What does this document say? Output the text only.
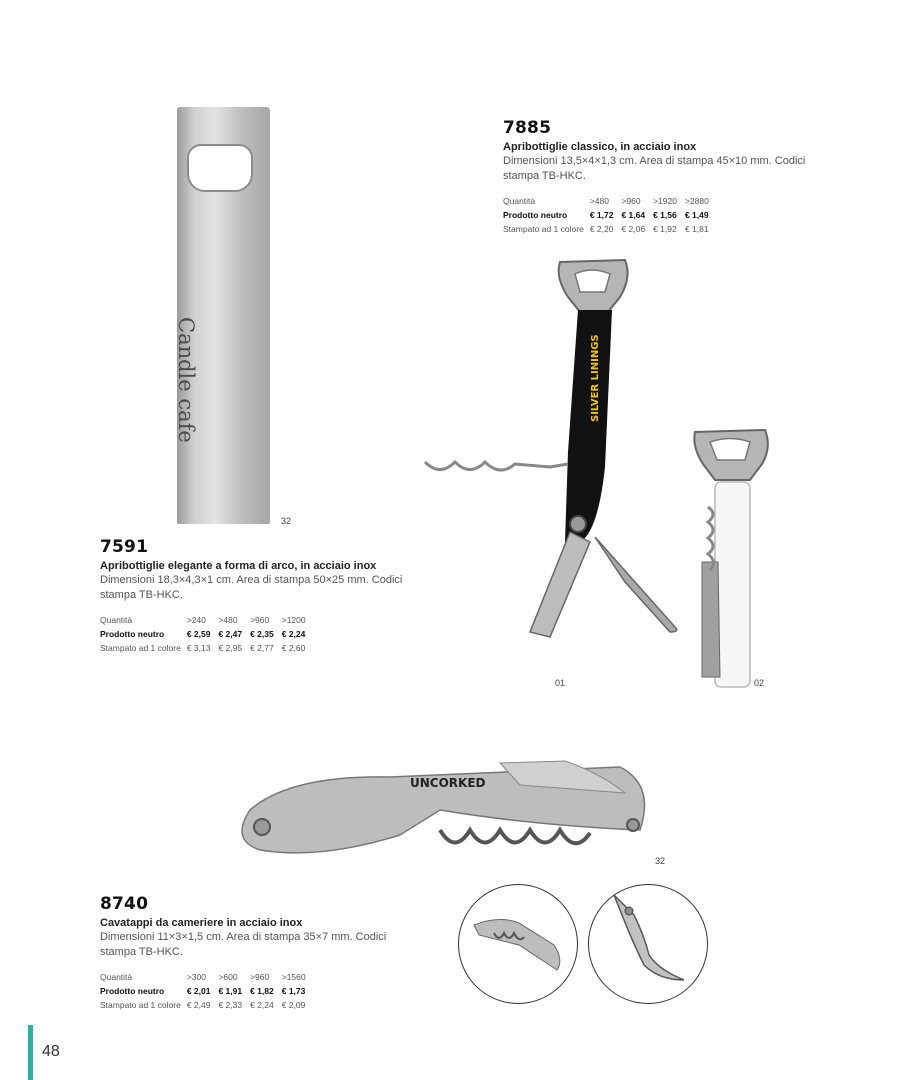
Candle cafe
32
SILVER LININGS
01	02
UNCORKED
32
7885
Apribottiglie classico, in acciaio inox
Dimensioni 13,5×4×1,3 cm. Area di stampa 45×10 mm. Codici stampa TB-HKC.
Quantità	>480	>960	>1920	>2880
Prodotto neutro	€ 1,72	€ 1,64	€ 1,56	€ 1,49
Stampato ad 1 colore	€ 2,20	€ 2,06	€ 1,92	€ 1,81
7591
Apribottiglie elegante a forma di arco, in acciaio inox
Dimensioni 18,3×4,3×1 cm. Area di stampa 50×25 mm. Codici stampa TB-HKC.
Quantità	>240	>480	>960	>1200
Prodotto neutro	€ 2,59	€ 2,47	€ 2,35	€ 2,24
Stampato ad 1 colore	€ 3,13	€ 2,95	€ 2,77	€ 2,60
8740
Cavatappi da cameriere in acciaio inox
Dimensioni 11×3×1,5 cm. Area di stampa 35×7 mm. Codici stampa TB-HKC.
Quantità	>300	>600	>960	>1560
Prodotto neutro	€ 2,01	€ 1,91	€ 1,82	€ 1,73
Stampato ad 1 colore	€ 2,49	€ 2,33	€ 2,24	€ 2,09
48
